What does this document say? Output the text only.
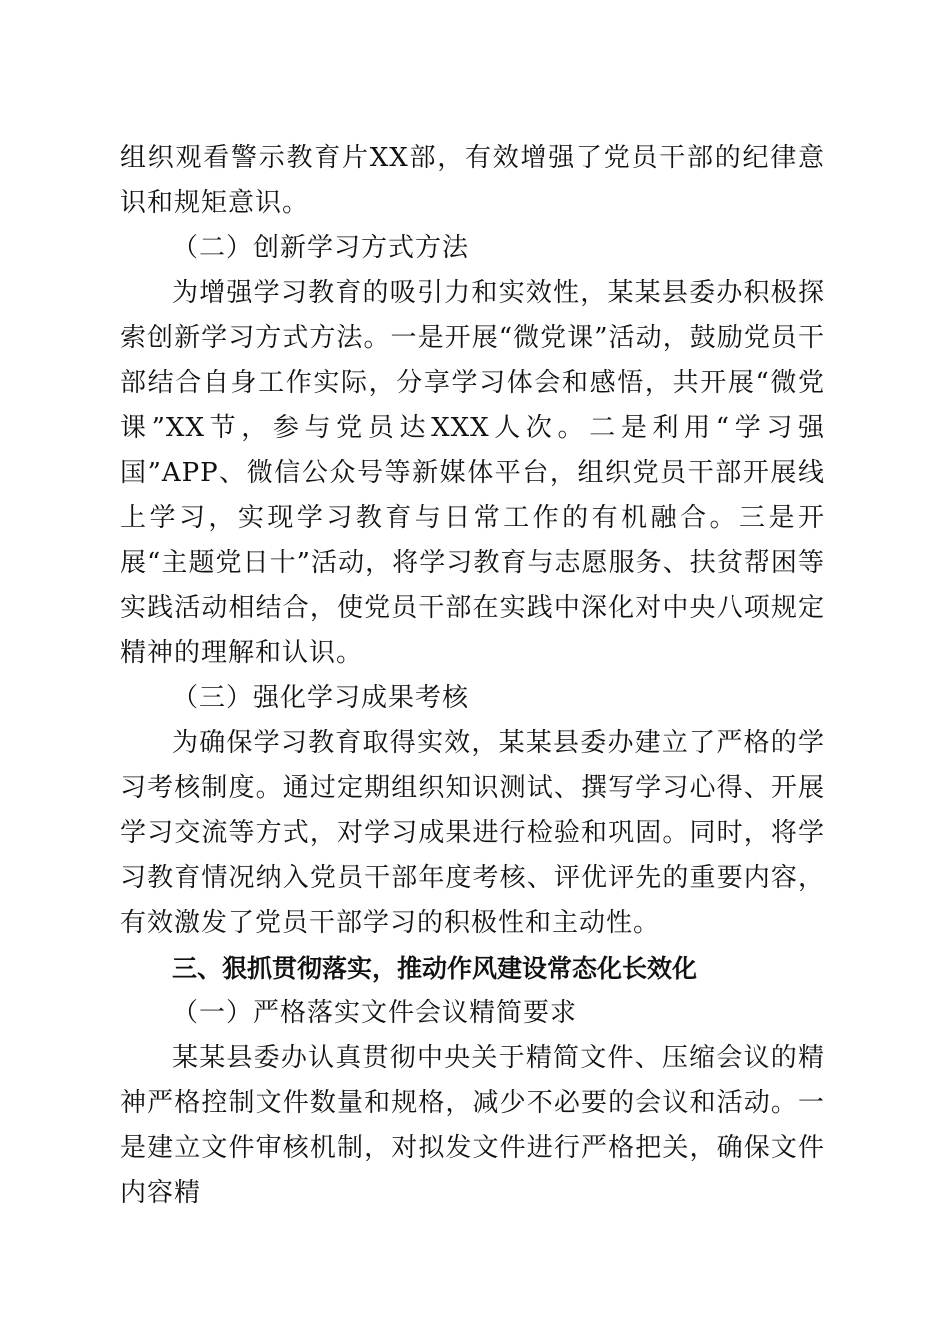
组织观看警示教育片XX部，有效增强了党员干部的纪律意识和规矩意识。

（二）创新学习方式方法

为增强学习教育的吸引力和实效性，某某县委办积极探索创新学习方式方法。一是开展“微党课”活动，鼓励党员干部结合自身工作实际，分享学习体会和感悟，共开展“微党课”XX节，参与党员达XXX人次。二是利用“学习强国”APP、微信公众号等新媒体平台，组织党员干部开展线上学习，实现学习教育与日常工作的有机融合。三是开展“主题党日十”活动，将学习教育与志愿服务、扶贫帮困等实践活动相结合，使党员干部在实践中深化对中央八项规定精神的理解和认识。

（三）强化学习成果考核

为确保学习教育取得实效，某某县委办建立了严格的学习考核制度。通过定期组织知识测试、撰写学习心得、开展学习交流等方式，对学习成果进行检验和巩固。同时，将学习教育情况纳入党员干部年度考核、评优评先的重要内容，有效激发了党员干部学习的积极性和主动性。

三、狠抓贯彻落实，推动作风建设常态化长效化

（一）严格落实文件会议精简要求

某某县委办认真贯彻中央关于精简文件、压缩会议的精神严格控制文件数量和规格，减少不必要的会议和活动。一是建立文件审核机制，对拟发文件进行严格把关，确保文件内容精
